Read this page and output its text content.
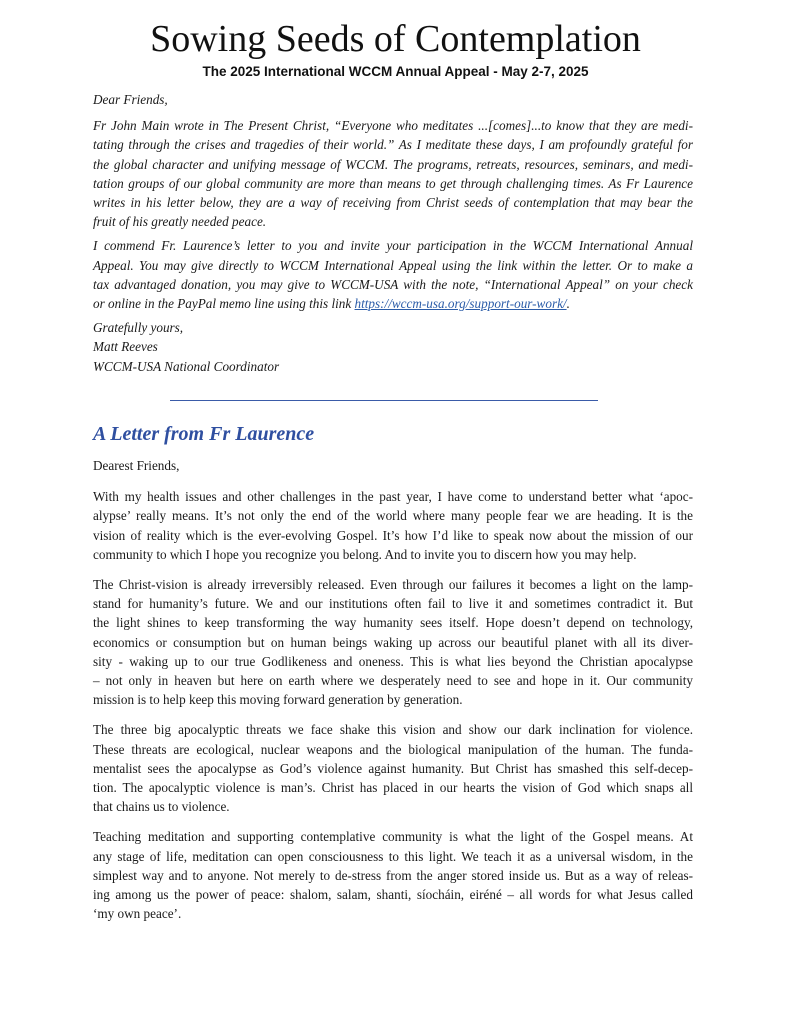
Sowing Seeds of Contemplation
The 2025 International WCCM Annual Appeal - May 2-7, 2025

Dear Friends,

Fr John Main wrote in The Present Christ, “Everyone who meditates ...[comes]...to know that they are medi-
tating through the crises and tragedies of their world.” As I meditate these days, I am profoundly grateful for
the global character and unifying message of WCCM. The programs, retreats, resources, seminars, and medi-
tation groups of our global community are more than means to get through challenging times. As Fr Laurence
writes in his letter below, they are a way of receiving from Christ seeds of contemplation that may bear the
fruit of his greatly needed peace.

I commend Fr. Laurence’s letter to you and invite your participation in the WCCM International Annual
Appeal. You may give directly to WCCM International Appeal using the link within the letter. Or to make a
tax advantaged donation, you may give to WCCM-USA with the note, “International Appeal” on your check
or online in the PayPal memo line using this link https://wccm-usa.org/support-our-work/.

Gratefully yours,
Matt Reeves
WCCM-USA National Coordinator
A Letter from Fr Laurence

Dearest Friends,

With my health issues and other challenges in the past year, I have come to understand better what ‘apoc-
alypse’ really means. It’s not only the end of the world where many people fear we are heading. It is the
vision of reality which is the ever-evolving Gospel. It’s how I’d like to speak now about the mission of our
community to which I hope you recognize you belong. And to invite you to discern how you may help.

The Christ-vision is already irreversibly released. Even through our failures it becomes a light on the lamp-
stand for humanity’s future. We and our institutions often fail to live it and sometimes contradict it. But
the light shines to keep transforming the way humanity sees itself. Hope doesn’t depend on technology,
economics or consumption but on human beings waking up across our beautiful planet with all its diver-
sity - waking up to our true Godlikeness and oneness. This is what lies beyond the Christian apocalypse
– not only in heaven but here on earth where we desperately need to see and hope in it. Our community
mission is to help keep this moving forward generation by generation.

The three big apocalyptic threats we face shake this vision and show our dark inclination for violence.
These threats are ecological, nuclear weapons and the biological manipulation of the human. The funda-
mentalist sees the apocalypse as God’s violence against humanity. But Christ has smashed this self-decep-
tion. The apocalyptic violence is man’s. Christ has placed in our hearts the vision of God which snaps all
that chains us to violence.

Teaching meditation and supporting contemplative community is what the light of the Gospel means. At
any stage of life, meditation can open consciousness to this light. We teach it as a universal wisdom, in the
simplest way and to anyone. Not merely to de-stress from the anger stored inside us. But as a way of releas-
ing among us the power of peace: shalom, salam, shanti, síocháin, eiréné – all words for what Jesus called
‘my own peace’.
